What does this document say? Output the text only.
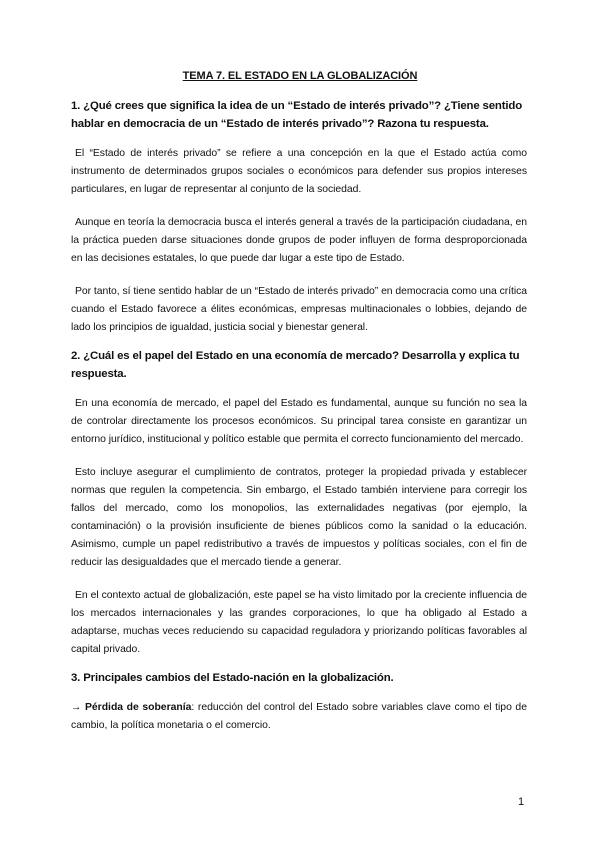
TEMA 7. EL ESTADO EN LA GLOBALIZACIÓN
1. ¿Qué crees que significa la idea de un “Estado de interés privado”? ¿Tiene sentido hablar en democracia de un “Estado de interés privado”? Razona tu respuesta.
El “Estado de interés privado” se refiere a una concepción en la que el Estado actúa como instrumento de determinados grupos sociales o económicos para defender sus propios intereses particulares, en lugar de representar al conjunto de la sociedad.
Aunque en teoría la democracia busca el interés general a través de la participación ciudadana, en la práctica pueden darse situaciones donde grupos de poder influyen de forma desproporcionada en las decisiones estatales, lo que puede dar lugar a este tipo de Estado.
Por tanto, sí tiene sentido hablar de un “Estado de interés privado” en democracia como una crítica cuando el Estado favorece a élites económicas, empresas multinacionales o lobbies, dejando de lado los principios de igualdad, justicia social y bienestar general.
2. ¿Cuál es el papel del Estado en una economía de mercado? Desarrolla y explica tu respuesta.
En una economía de mercado, el papel del Estado es fundamental, aunque su función no sea la de controlar directamente los procesos económicos. Su principal tarea consiste en garantizar un entorno jurídico, institucional y político estable que permita el correcto funcionamiento del mercado.
Esto incluye asegurar el cumplimiento de contratos, proteger la propiedad privada y establecer normas que regulen la competencia. Sin embargo, el Estado también interviene para corregir los fallos del mercado, como los monopolios, las externalidades negativas (por ejemplo, la contaminación) o la provisión insuficiente de bienes públicos como la sanidad o la educación. Asimismo, cumple un papel redistributivo a través de impuestos y políticas sociales, con el fin de reducir las desigualdades que el mercado tiende a generar.
En el contexto actual de globalización, este papel se ha visto limitado por la creciente influencia de los mercados internacionales y las grandes corporaciones, lo que ha obligado al Estado a adaptarse, muchas veces reduciendo su capacidad reguladora y priorizando políticas favorables al capital privado.
3. Principales cambios del Estado-nación en la globalización.
→ Pérdida de soberanía: reducción del control del Estado sobre variables clave como el tipo de cambio, la política monetaria o el comercio.
1
